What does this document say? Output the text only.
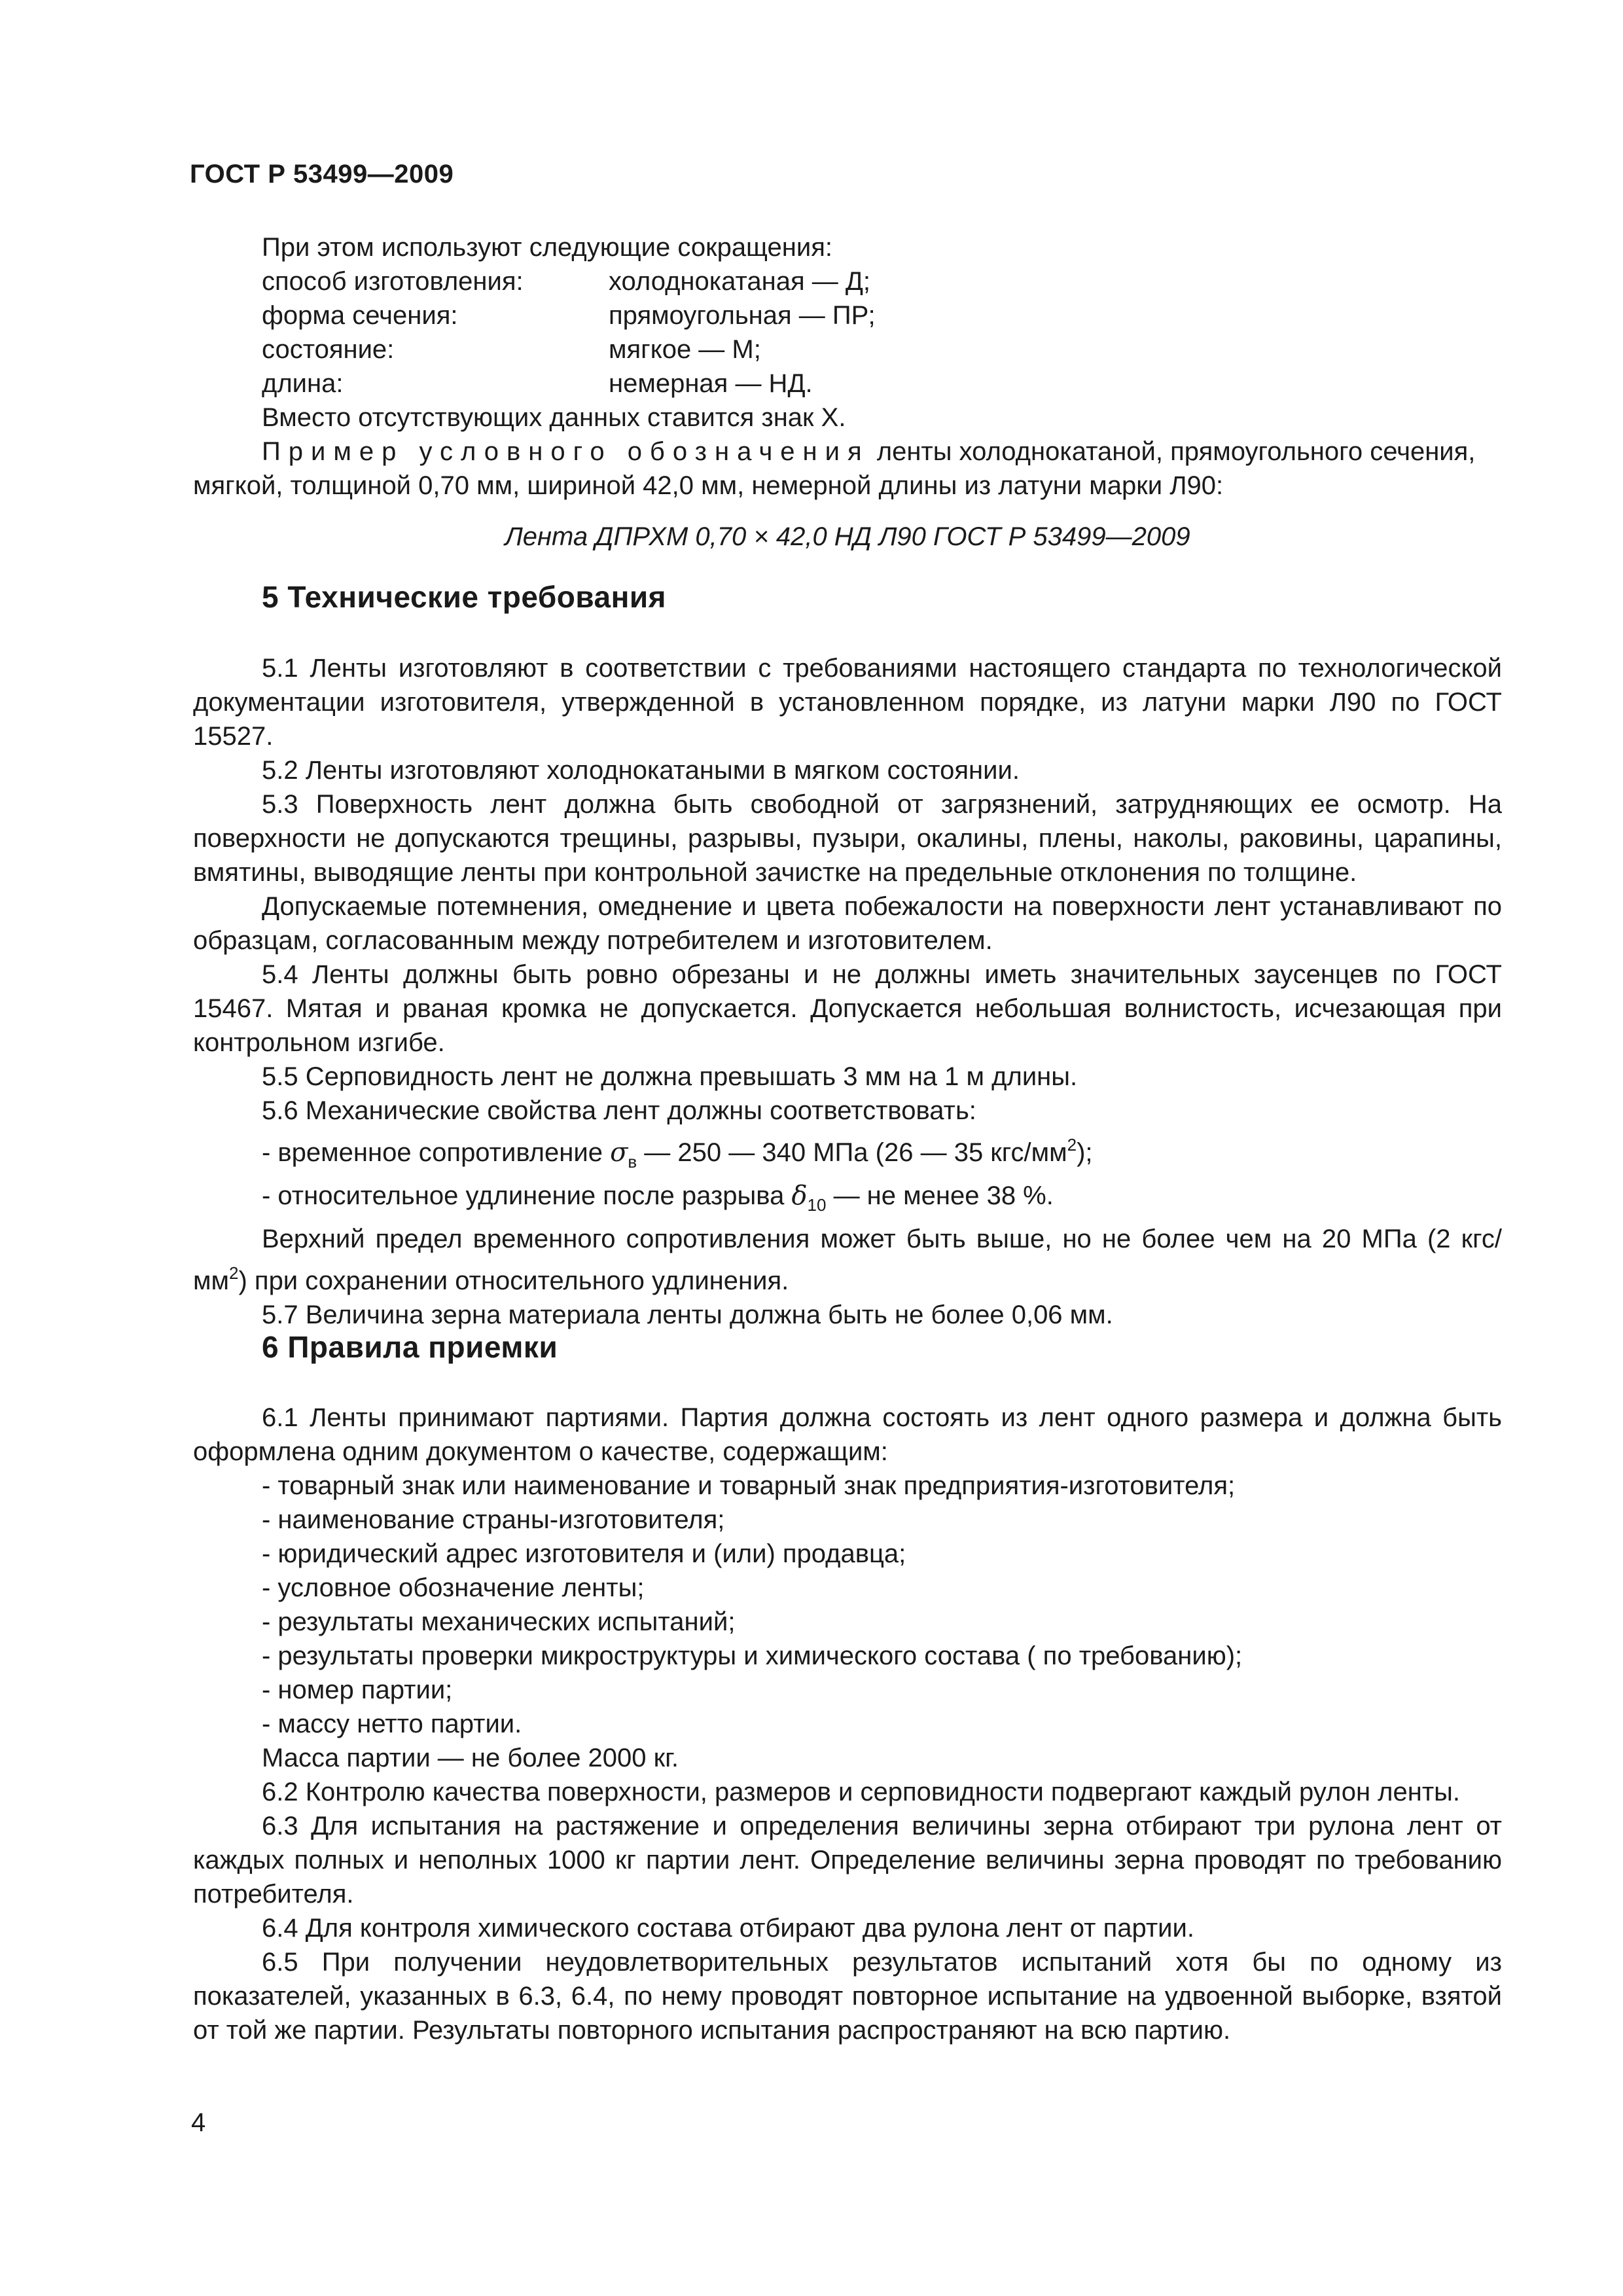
ГОСТ Р 53499—2009

При этом используют следующие сокращения:

способ изготовления:	холоднокатаная — Д;
форма сечения:	прямоугольная — ПР;
состояние:	мягкое — М;
длина:	немерная — НД.

Вместо отсутствующих данных ставится знак X.

Пример условного обозначения ленты холоднокатаной, прямоугольного сечения,

мягкой, толщиной 0,70 мм, шириной 42,0 мм, немерной длины из латуни марки Л90:

Лента ДПРХМ 0,70 × 42,0 НД Л90 ГОСТ Р 53499—2009

5 Технические требования

5.1 Ленты изготовляют в соответствии с требованиями настоящего стандарта по технологической документации изготовителя, утвержденной в установленном порядке, из латуни марки Л90 по ГОСТ 15527.

5.2 Ленты изготовляют холоднокатаными в мягком состоянии.

5.3 Поверхность лент должна быть свободной от загрязнений, затрудняющих ее осмотр. На поверхности не допускаются трещины, разрывы, пузыри, окалины, плены, наколы, раковины, царапины, вмятины, выводящие ленты при контрольной зачистке на предельные отклонения по толщине.

Допускаемые потемнения, омеднение и цвета побежалости на поверхности лент устанавливают по образцам, согласованным между потребителем и изготовителем.

5.4 Ленты должны быть ровно обрезаны и не должны иметь значительных заусенцев по ГОСТ 15467. Мятая и рваная кромка не допускается. Допускается небольшая волнистость, исчезающая при контрольном изгибе.

5.5 Серповидность лент не должна превышать 3 мм на 1 м длины.

5.6 Механические свойства лент должны соответствовать:

- временное сопротивление $\sigma_в$ — 250 — 340 МПа (26 — 35 кгс/$мм^2$);

- относительное удлинение после разрыва $\delta_{10}$ — не менее 38 %.

Верхний предел временного сопротивления может быть выше, но не более чем на 20 МПа (2 кгс/$мм^2$) при сохранении относительного удлинения.

5.7 Величина зерна материала ленты должна быть не более 0,06 мм.

6 Правила приемки

6.1 Ленты принимают партиями. Партия должна состоять из лент одного размера и должна быть оформлена одним документом о качестве, содержащим:

- товарный знак или наименование и товарный знак предприятия-изготовителя;

- наименование страны-изготовителя;

- юридический адрес изготовителя и (или) продавца;

- условное обозначение ленты;

- результаты механических испытаний;

- результаты проверки микроструктуры и химического состава ( по требованию);

- номер партии;

- массу нетто партии.

Масса партии — не более 2000 кг.

6.2 Контролю качества поверхности, размеров и серповидности подвергают каждый рулон ленты.

6.3 Для испытания на растяжение и определения величины зерна отбирают три рулона лент от каждых полных и неполных 1000 кг партии лент. Определение величины зерна проводят по требованию потребителя.

6.4 Для контроля химического состава отбирают два рулона лент от партии.

6.5 При получении неудовлетворительных результатов испытаний хотя бы по одному из показателей, указанных в 6.3, 6.4, по нему проводят повторное испытание на удвоенной выборке, взятой от той же партии. Результаты повторного испытания распространяют на всю партию.

4
